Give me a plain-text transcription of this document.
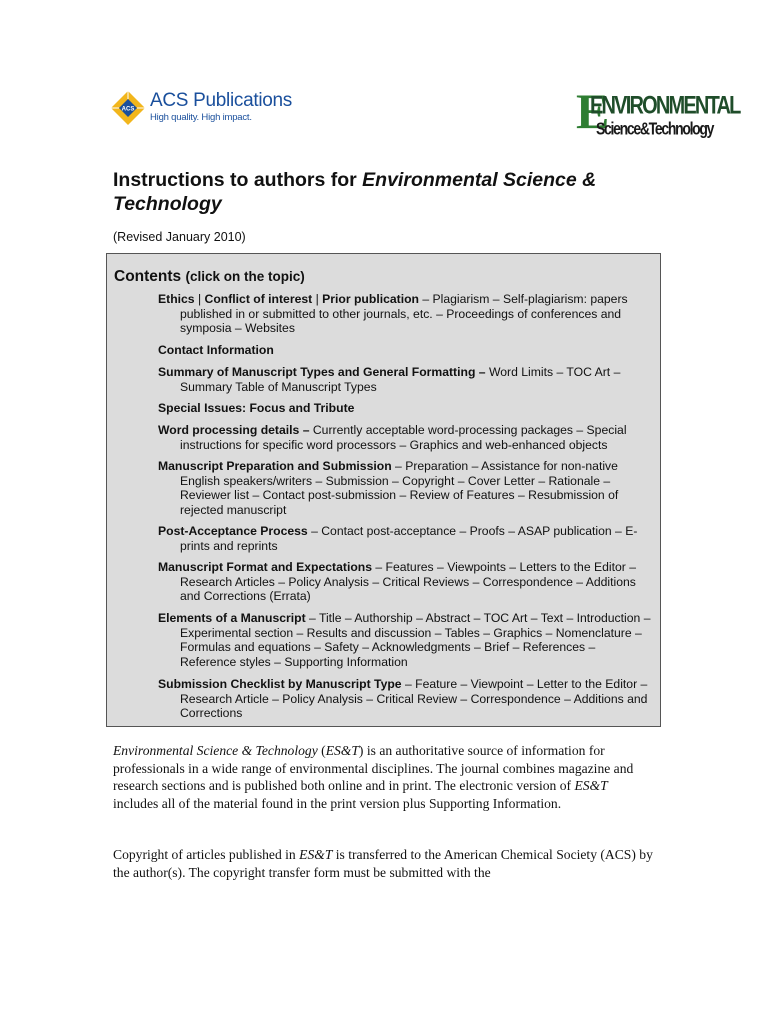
ACS ACS Publications
High quality. High impact.	E
ENVIRONMENTAL
Science&Technology
Instructions to authors for Environmental Science & Technology
(Revised January 2010)
Contents (click on the topic)
Ethics | Conflict of interest | Prior publication – Plagiarism – Self-plagiarism: papers published in or submitted to other journals, etc. – Proceedings of conferences and symposia – Websites
Contact Information
Summary of Manuscript Types and General Formatting – Word Limits – TOC Art – Summary Table of Manuscript Types
Special Issues: Focus and Tribute
Word processing details – Currently acceptable word-processing packages – Special instructions for specific word processors – Graphics and web-enhanced objects
Manuscript Preparation and Submission – Preparation – Assistance for non-native English speakers/writers – Submission – Copyright – Cover Letter – Rationale – Reviewer list – Contact post-submission – Review of Features – Resubmission of rejected manuscript
Post-Acceptance Process – Contact post-acceptance – Proofs – ASAP publication – E-prints and reprints
Manuscript Format and Expectations – Features – Viewpoints – Letters to the Editor – Research Articles – Policy Analysis – Critical Reviews – Correspondence – Additions and Corrections (Errata)
Elements of a Manuscript – Title – Authorship – Abstract – TOC Art – Text – Introduction – Experimental section – Results and discussion – Tables – Graphics – Nomenclature – Formulas and equations – Safety – Acknowledgments – Brief – References – Reference styles – Supporting Information
Submission Checklist by Manuscript Type – Feature – Viewpoint – Letter to the Editor – Research Article – Policy Analysis – Critical Review – Correspondence – Additions and Corrections
Environmental Science & Technology (ES&T) is an authoritative source of information for professionals in a wide range of environmental disciplines. The journal combines magazine and research sections and is published both online and in print. The electronic version of ES&T includes all of the material found in the print version plus Supporting Information.
Copyright of articles published in ES&T is transferred to the American Chemical Society (ACS) by the author(s). The copyright transfer form must be submitted with the
